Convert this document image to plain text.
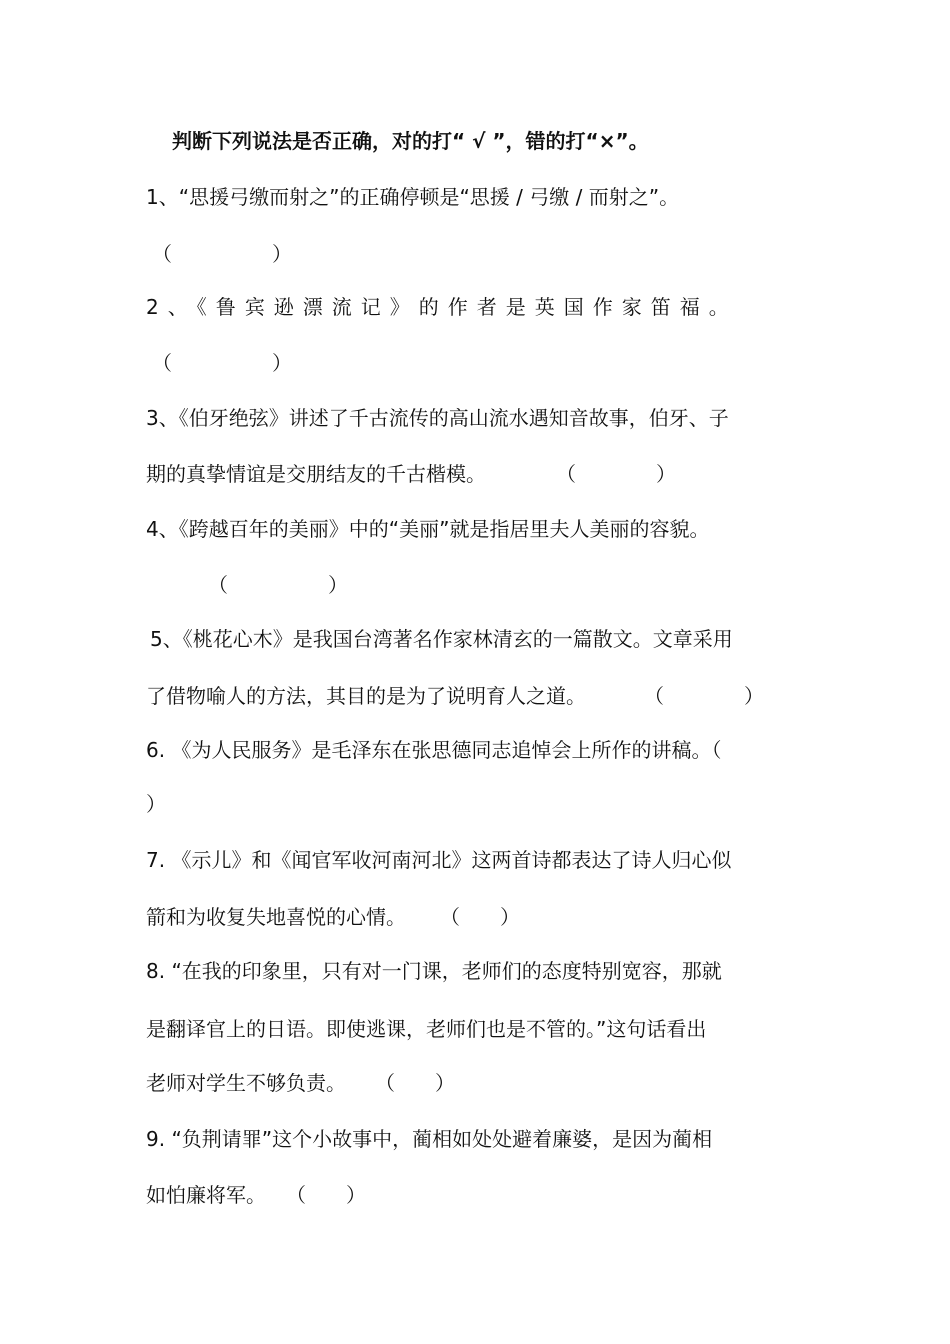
判断下列说法是否正确，对的打“ √ ”，错的打“×”。

1、“思援弓缴而射之”的正确停顿是“思援 / 弓缴 / 而射之”。

（　　　　　）

2、《鲁宾逊漂流记》的作者是英国作家笛福。

（　　　　　）

3、《伯牙绝弦》讲述了千古流传的高山流水遇知音故事，伯牙、子

期的真挚情谊是交朋结友的千古楷模。	（　　　　）

4、《跨越百年的美丽》中的“美丽”就是指居里夫人美丽的容貌。

（　　　　　）

5、《桃花心木》是我国台湾著名作家林清玄的一篇散文。文章采用

了借物喻人的方法，其目的是为了说明育人之道。	（　　　　）

6. 《为人民服务》是毛泽东在张思德同志追悼会上所作的讲稿。（

）

7. 《示儿》和《闻官军收河南河北》这两首诗都表达了诗人归心似

箭和为收复失地喜悦的心情。 （　　）

8. “在我的印象里，只有对一门课，老师们的态度特别宽容，那就

是翻译官上的日语。即使逃课，老师们也是不管的。”这句话看出

老师对学生不够负责。 （　　）

9. “负荆请罪”这个小故事中，蔺相如处处避着廉婆，是因为蔺相

如怕廉将军。 （　　）
